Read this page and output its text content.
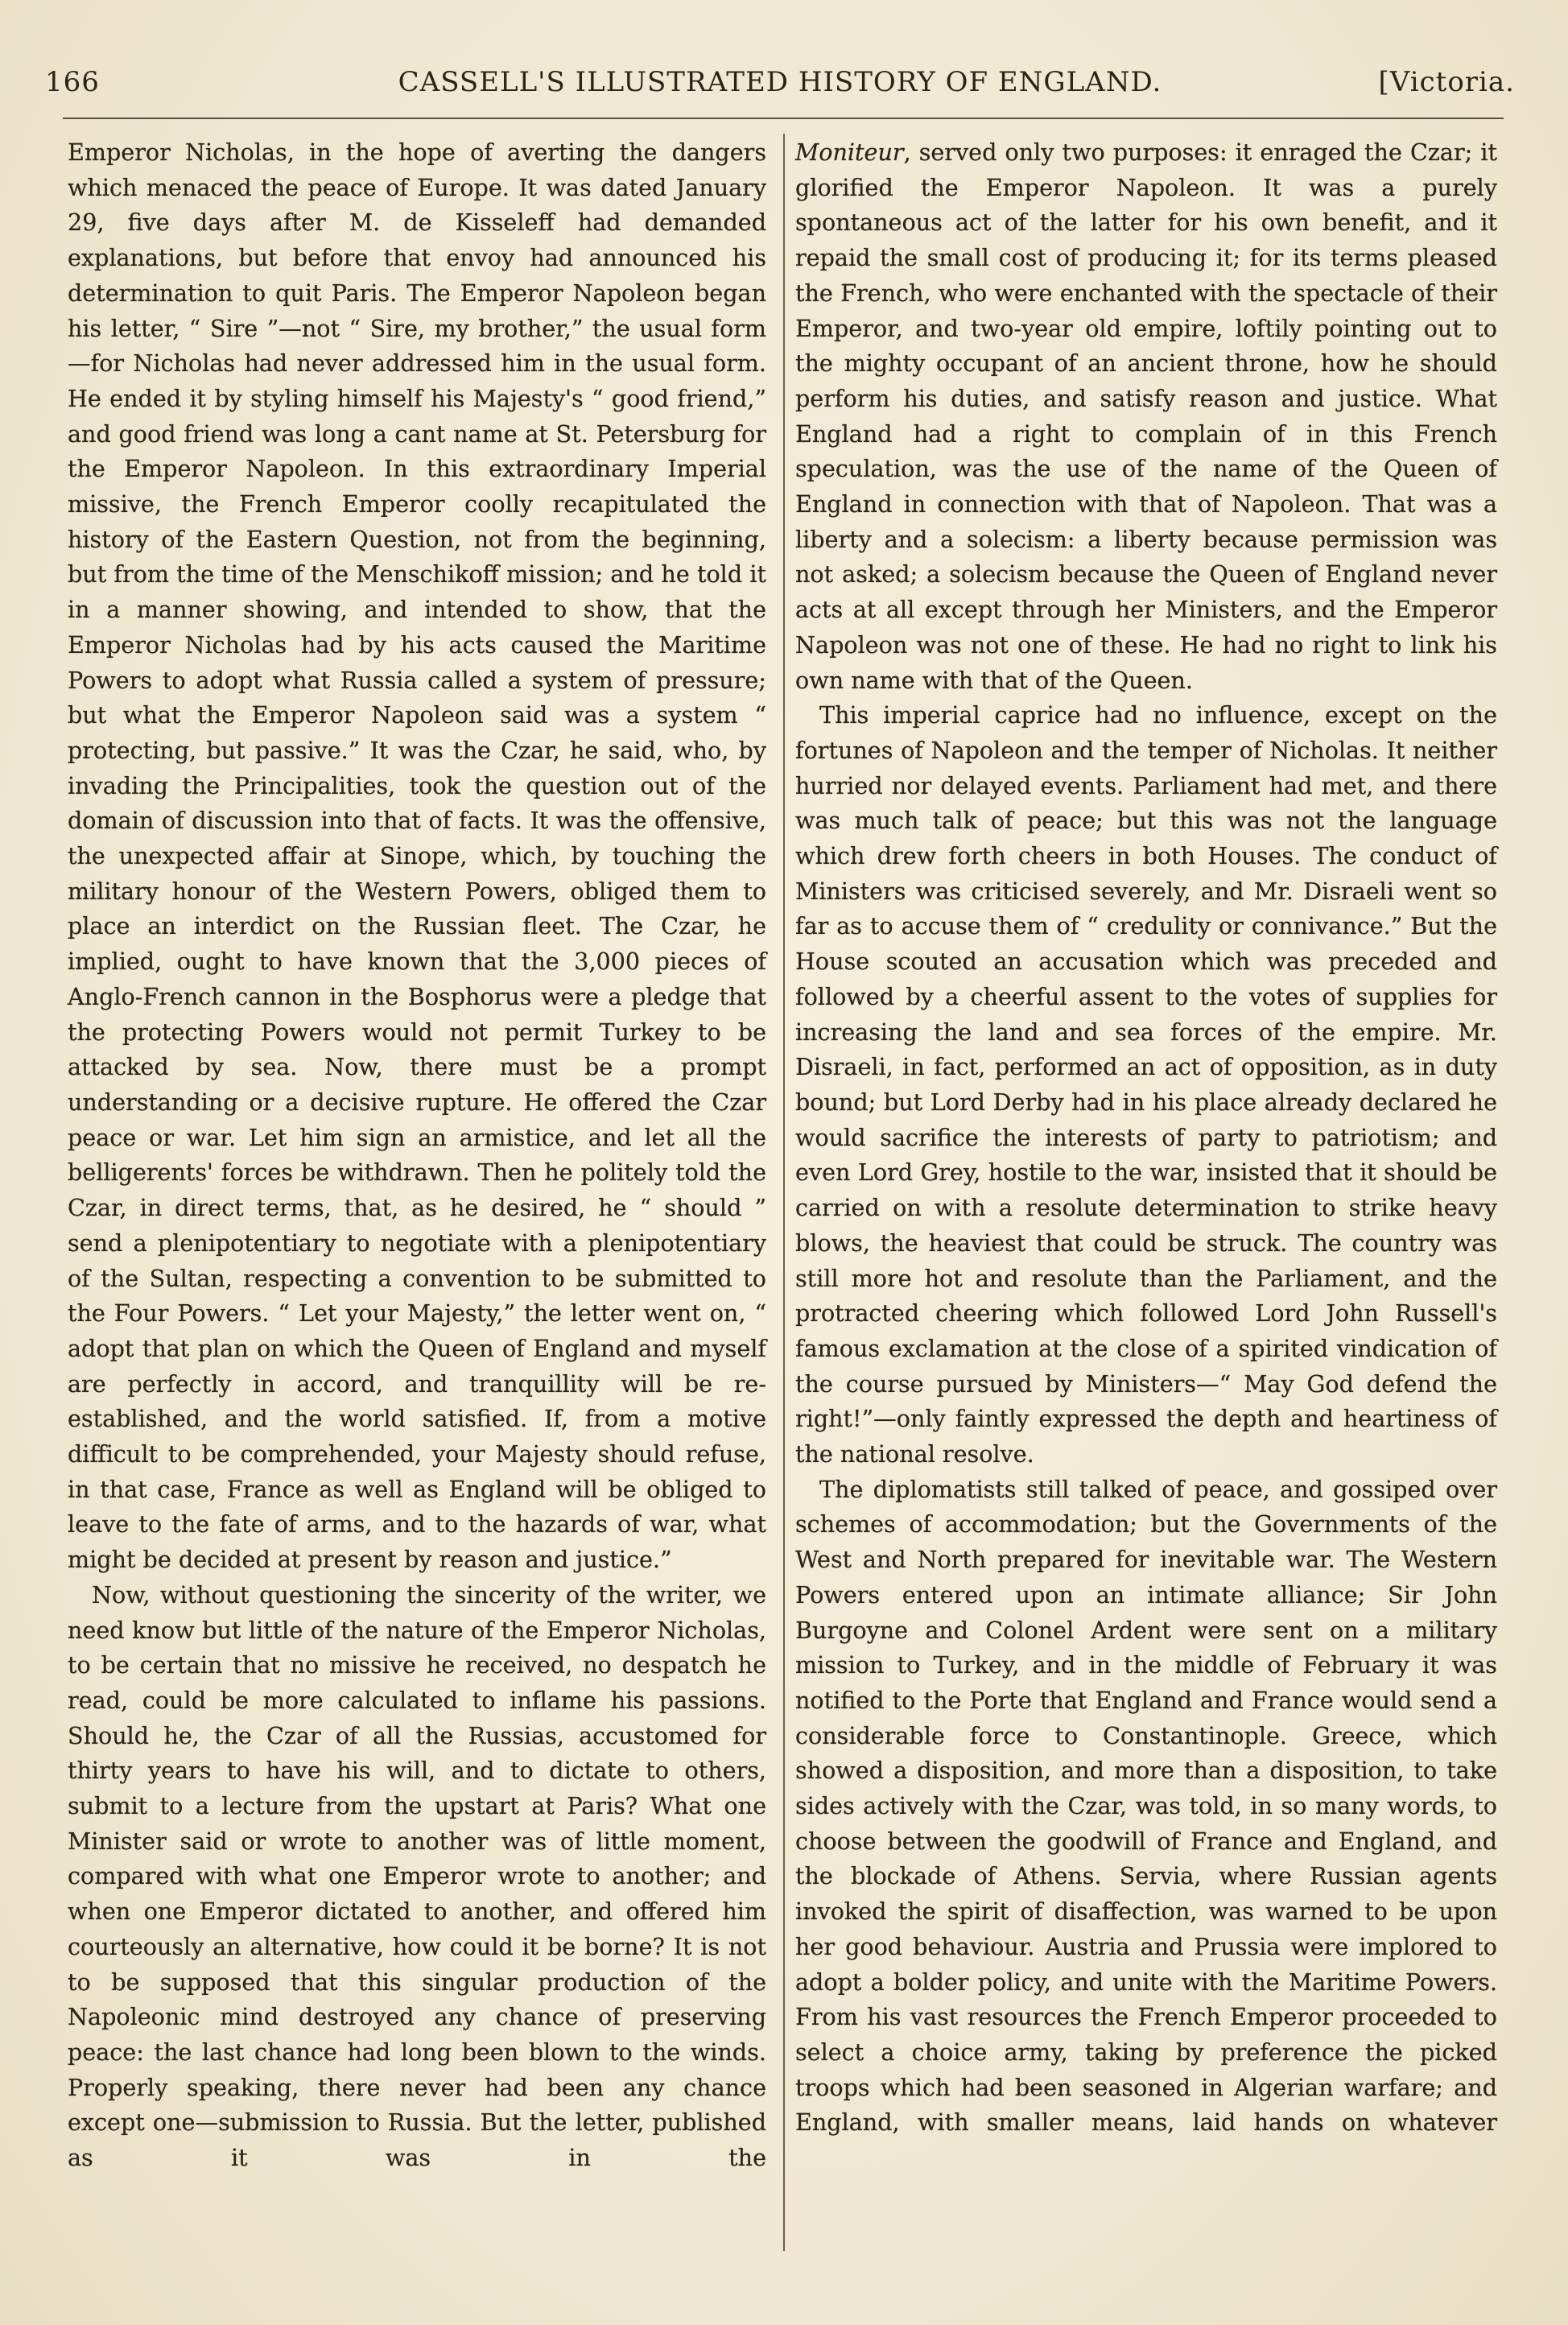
166	CASSELL'S ILLUSTRATED HISTORY OF ENGLAND.	[Victoria.

Emperor Nicholas, in the hope of averting the dangers which menaced the peace of Europe. It was dated January 29, five days after M. de Kisseleff had demanded explanations, but before that envoy had announced his determination to quit Paris. The Emperor Napoleon began his letter, “ Sire ”—not “ Sire, my brother,” the usual form—for Nicholas had never addressed him in the usual form. He ended it by styling himself his Majesty's “ good friend,” and good friend was long a cant name at St. Petersburg for the Emperor Napoleon. In this extraordinary Imperial missive, the French Emperor coolly recapitulated the history of the Eastern Question, not from the beginning, but from the time of the Menschikoff mission; and he told it in a manner showing, and intended to show, that the Emperor Nicholas had by his acts caused the Maritime Powers to adopt what Russia called a system of pressure; but what the Emperor Napoleon said was a system “ protecting, but passive.” It was the Czar, he said, who, by invading the Principalities, took the question out of the domain of discussion into that of facts. It was the offensive, the unexpected affair at Sinope, which, by touching the military honour of the Western Powers, obliged them to place an interdict on the Russian fleet. The Czar, he implied, ought to have known that the 3,000 pieces of Anglo-French cannon in the Bosphorus were a pledge that the protecting Powers would not permit Turkey to be attacked by sea. Now, there must be a prompt understanding or a decisive rupture. He offered the Czar peace or war. Let him sign an armistice, and let all the belligerents' forces be withdrawn. Then he politely told the Czar, in direct terms, that, as he desired, he “ should ” send a plenipotentiary to negotiate with a plenipotentiary of the Sultan, respecting a convention to be submitted to the Four Powers. “ Let your Majesty,” the letter went on, “ adopt that plan on which the Queen of England and myself are perfectly in accord, and tranquillity will be re-established, and the world satisfied. If, from a motive difficult to be comprehended, your Majesty should refuse, in that case, France as well as England will be obliged to leave to the fate of arms, and to the hazards of war, what might be decided at present by reason and justice.”

Now, without questioning the sincerity of the writer, we need know but little of the nature of the Emperor Nicholas, to be certain that no missive he received, no despatch he read, could be more calculated to inflame his passions. Should he, the Czar of all the Russias, accustomed for thirty years to have his will, and to dictate to others, submit to a lecture from the upstart at Paris? What one Minister said or wrote to another was of little moment, compared with what one Emperor wrote to another; and when one Emperor dictated to another, and offered him courteously an alternative, how could it be borne? It is not to be supposed that this singular production of the Napoleonic mind destroyed any chance of preserving peace: the last chance had long been blown to the winds. Properly speaking, there never had been any chance except one—submission to Russia. But the letter, published as it was in the

Moniteur, served only two purposes: it enraged the Czar; it glorified the Emperor Napoleon. It was a purely spontaneous act of the latter for his own benefit, and it repaid the small cost of producing it; for its terms pleased the French, who were enchanted with the spectacle of their Emperor, and two-year old empire, loftily pointing out to the mighty occupant of an ancient throne, how he should perform his duties, and satisfy reason and justice. What England had a right to complain of in this French speculation, was the use of the name of the Queen of England in connection with that of Napoleon. That was a liberty and a solecism: a liberty because permission was not asked; a solecism because the Queen of England never acts at all except through her Ministers, and the Emperor Napoleon was not one of these. He had no right to link his own name with that of the Queen.

This imperial caprice had no influence, except on the fortunes of Napoleon and the temper of Nicholas. It neither hurried nor delayed events. Parliament had met, and there was much talk of peace; but this was not the language which drew forth cheers in both Houses. The conduct of Ministers was criticised severely, and Mr. Disraeli went so far as to accuse them of “ credulity or connivance.” But the House scouted an accusation which was preceded and followed by a cheerful assent to the votes of supplies for increasing the land and sea forces of the empire. Mr. Disraeli, in fact, performed an act of opposition, as in duty bound; but Lord Derby had in his place already declared he would sacrifice the interests of party to patriotism; and even Lord Grey, hostile to the war, insisted that it should be carried on with a resolute determination to strike heavy blows, the heaviest that could be struck. The country was still more hot and resolute than the Parliament, and the protracted cheering which followed Lord John Russell's famous exclamation at the close of a spirited vindication of the course pursued by Ministers—“ May God defend the right!”—only faintly expressed the depth and heartiness of the national resolve.

The diplomatists still talked of peace, and gossiped over schemes of accommodation; but the Governments of the West and North prepared for inevitable war. The Western Powers entered upon an intimate alliance; Sir John Burgoyne and Colonel Ardent were sent on a military mission to Turkey, and in the middle of February it was notified to the Porte that England and France would send a considerable force to Constantinople. Greece, which showed a disposition, and more than a disposition, to take sides actively with the Czar, was told, in so many words, to choose between the goodwill of France and England, and the blockade of Athens. Servia, where Russian agents invoked the spirit of disaffection, was warned to be upon her good behaviour. Austria and Prussia were implored to adopt a bolder policy, and unite with the Maritime Powers. From his vast resources the French Emperor proceeded to select a choice army, taking by preference the picked troops which had been seasoned in Algerian warfare; and England, with smaller means, laid hands on whatever
